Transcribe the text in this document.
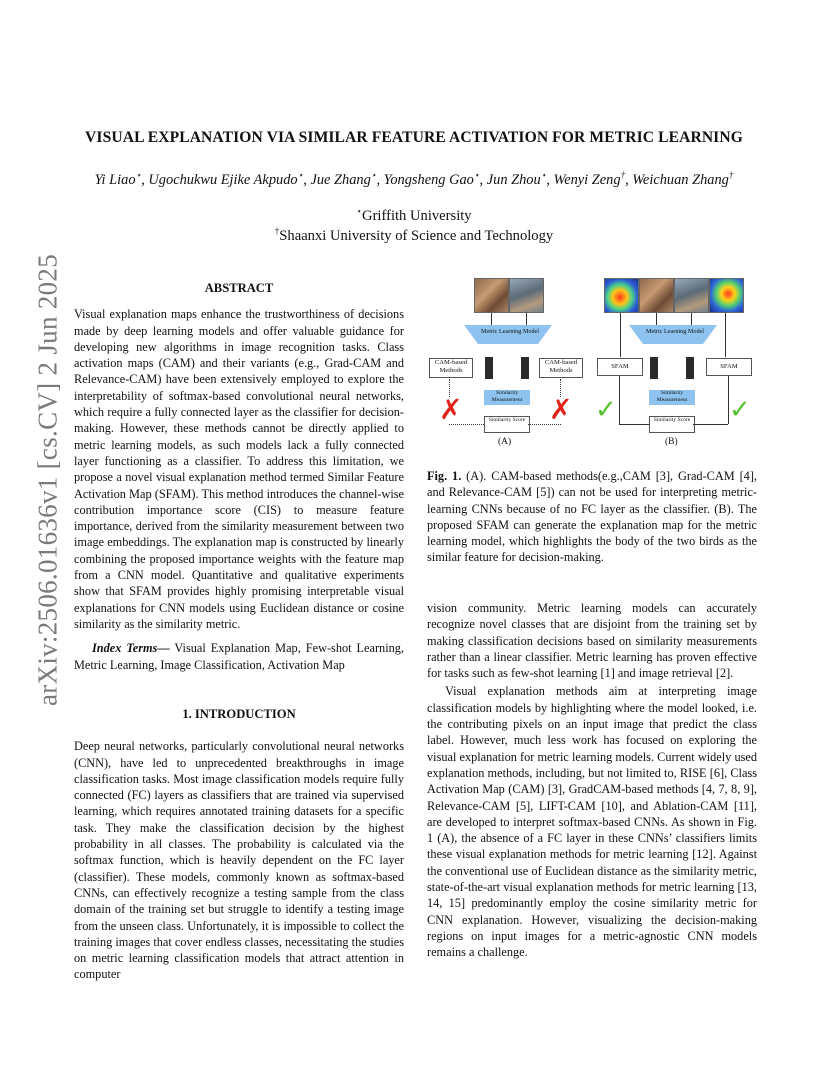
arXiv:2506.01636v1 [cs.CV] 2 Jun 2025
VISUAL EXPLANATION VIA SIMILAR FEATURE ACTIVATION FOR METRIC LEARNING
Yi Liao⋆, Ugochukwu Ejike Akpudo⋆, Jue Zhang⋆, Yongsheng Gao⋆, Jun Zhou⋆, Wenyi Zeng†, Weichuan Zhang†
⋆Griffith University
†Shaanxi University of Science and Technology
ABSTRACT
Visual explanation maps enhance the trustworthiness of decisions made by deep learning models and offer valuable guidance for developing new algorithms in image recognition tasks. Class activation maps (CAM) and their variants (e.g., Grad-CAM and Relevance-CAM) have been extensively employed to explore the interpretability of softmax-based convolutional neural networks, which require a fully connected layer as the classifier for decision-making. However, these methods cannot be directly applied to metric learning models, as such models lack a fully connected layer functioning as a classifier. To address this limitation, we propose a novel visual explanation method termed Similar Feature Activation Map (SFAM). This method introduces the channel-wise contribution importance score (CIS) to measure feature importance, derived from the similarity measurement between two image embeddings. The explanation map is constructed by linearly combining the proposed importance weights with the feature map from a CNN model. Quantitative and qualitative experiments show that SFAM provides highly promising interpretable visual explanations for CNN models using Euclidean distance or cosine similarity as the similarity metric.
Index Terms— Visual Explanation Map, Few-shot Learning, Metric Learning, Image Classification, Activation Map
1. INTRODUCTION
Deep neural networks, particularly convolutional neural networks (CNN), have led to unprecedented breakthroughs in image classification tasks. Most image classification models require fully connected (FC) layers as classifiers that are trained via supervised learning, which requires annotated training datasets for a specific task. They make the classification decision by the highest probability in all classes. The probability is calculated via the softmax function, which is heavily dependent on the FC layer (classifier). These models, commonly known as softmax-based CNNs, can effectively recognize a testing sample from the class domain of the training set but struggle to identify a testing image from the unseen class. Unfortunately, it is impossible to collect the training images that cover endless classes, necessitating the studies on metric learning classification models that attract attention in computer
Metric Learning Model
CAM-based Methods
CAM-based Methods
Similarity Measurement
Similarity Score
✗	✗
(A)
Metric Learning Model
SFAM	SFAM
Similarity Measurement
Similarity Score
✓	✓
(B)
Fig. 1. (A). CAM-based methods(e.g.,CAM [3], Grad-CAM [4], and Relevance-CAM [5]) can not be used for interpreting metric-learning CNNs because of no FC layer as the classifier. (B). The proposed SFAM can generate the explanation map for the metric learning model, which highlights the body of the two birds as the similar feature for decision-making.
vision community. Metric learning models can accurately recognize novel classes that are disjoint from the training set by making classification decisions based on similarity measurements rather than a linear classifier. Metric learning has proven effective for tasks such as few-shot learning [1] and image retrieval [2].
Visual explanation methods aim at interpreting image classification models by highlighting where the model looked, i.e. the contributing pixels on an input image that predict the class label. However, much less work has focused on exploring the visual explanation for metric learning models. Current widely used explanation methods, including, but not limited to, RISE [6], Class Activation Map (CAM) [3], GradCAM-based methods [4, 7, 8, 9], Relevance-CAM [5], LIFT-CAM [10], and Ablation-CAM [11], are developed to interpret softmax-based CNNs. As shown in Fig. 1 (A), the absence of a FC layer in these CNNs’ classifiers limits these visual explanation methods for metric learning [12]. Against the conventional use of Euclidean distance as the similarity metric, state-of-the-art visual explanation methods for metric learning [13, 14, 15] predominantly employ the cosine similarity metric for CNN explanation. However, visualizing the decision-making regions on input images for a metric-agnostic CNN models remains a challenge.
